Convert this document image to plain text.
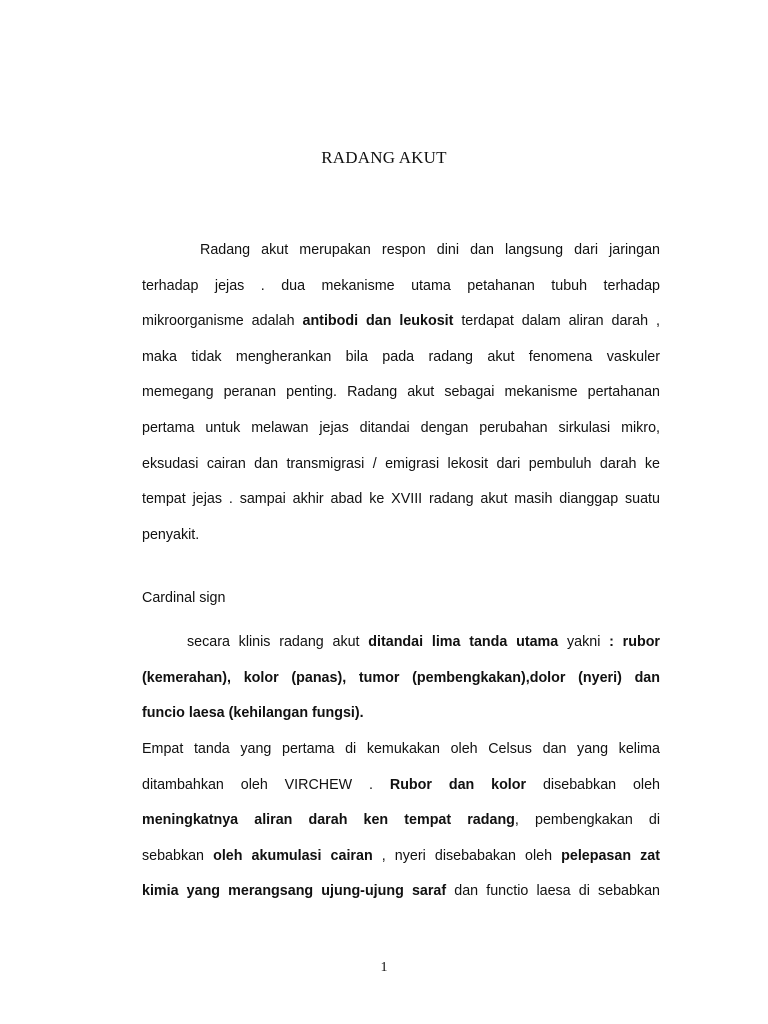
RADANG AKUT
Radang akut merupakan respon dini dan langsung dari jaringan
terhadap jejas . dua mekanisme utama petahanan tubuh terhadap
mikroorganisme adalah antibodi dan leukosit terdapat dalam aliran darah ,
maka tidak mengherankan bila pada radang akut fenomena vaskuler
memegang peranan penting. Radang akut sebagai mekanisme pertahanan
pertama untuk melawan jejas ditandai dengan perubahan sirkulasi mikro,
eksudasi cairan dan transmigrasi / emigrasi lekosit dari pembuluh darah ke
tempat jejas . sampai akhir abad ke XVIII radang akut masih dianggap suatu
penyakit.
Cardinal sign
secara klinis radang akut ditandai lima tanda utama yakni : rubor
(kemerahan), kolor (panas), tumor (pembengkakan),dolor (nyeri) dan
funcio laesa (kehilangan fungsi).
Empat tanda yang pertama di kemukakan oleh Celsus dan yang kelima
ditambahkan oleh VIRCHEW . Rubor dan kolor disebabkan oleh
meningkatnya aliran darah ken tempat radang, pembengkakan di
sebabkan oleh akumulasi cairan , nyeri disebabakan oleh pelepasan zat
kimia yang merangsang ujung-ujung saraf dan functio laesa di sebabkan
1
